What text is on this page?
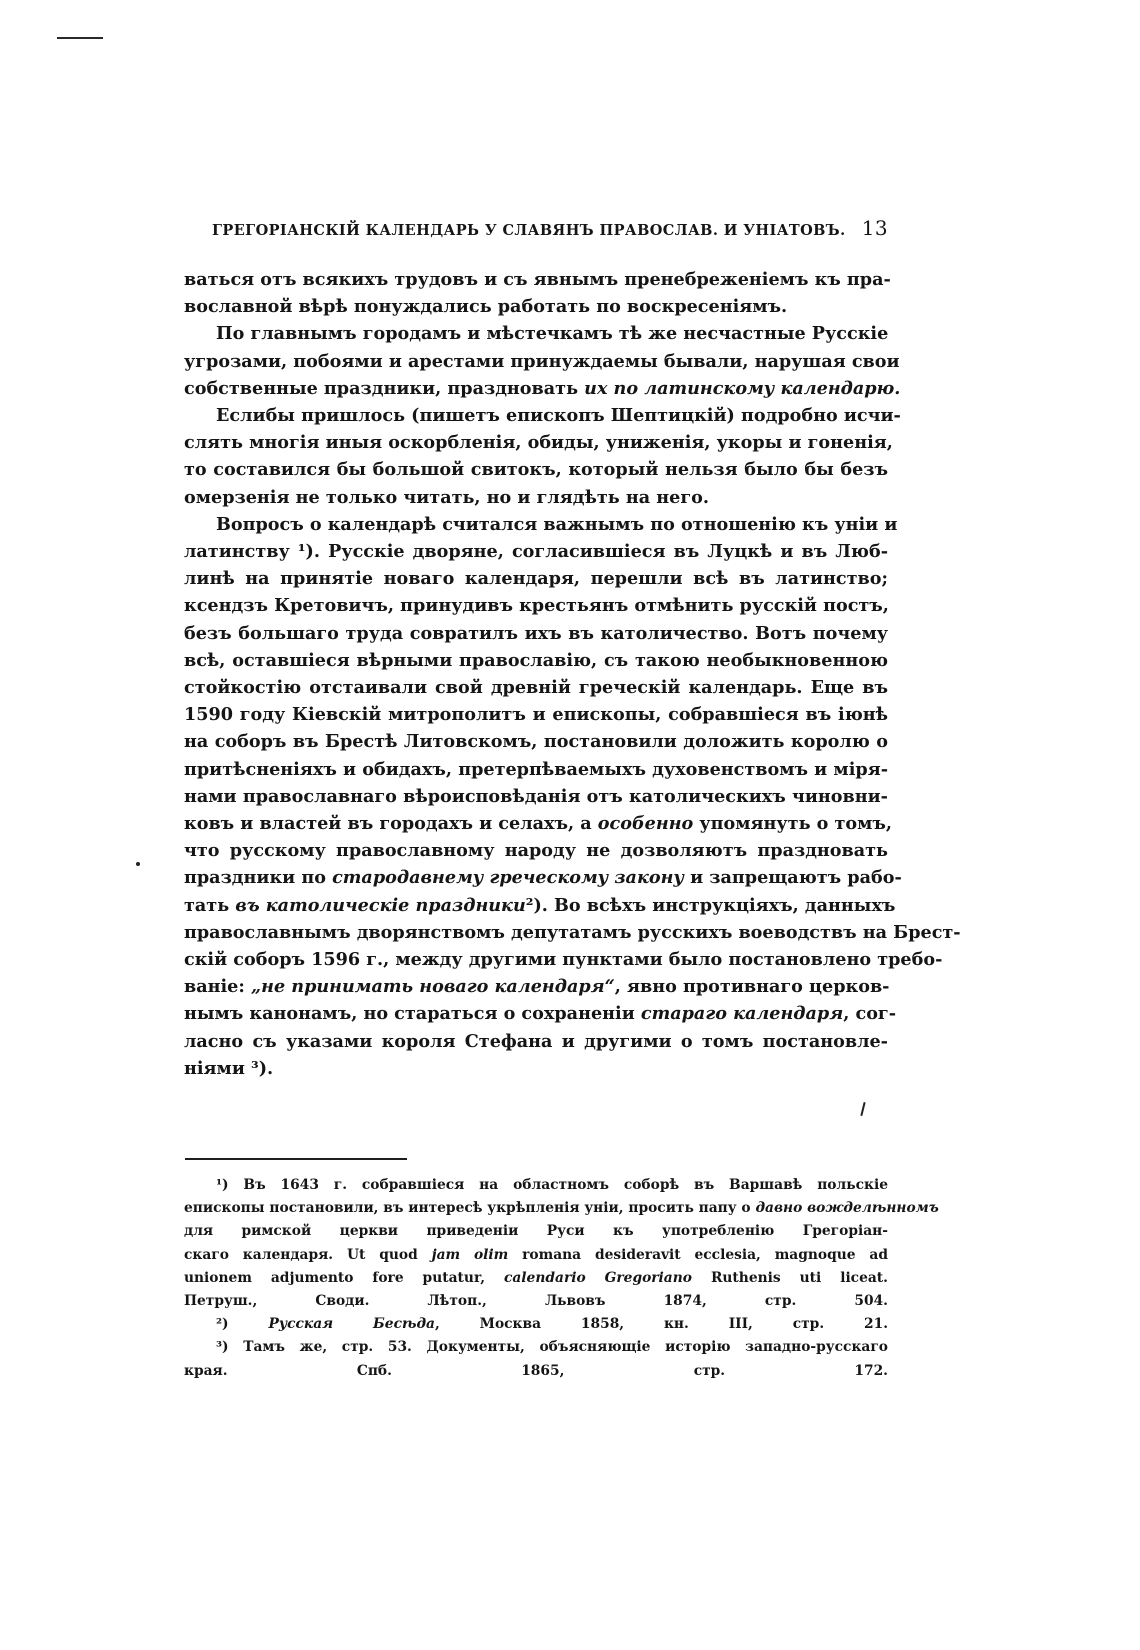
ГРЕГОРІАНСКІЙ КАЛЕНДАРЬ У СЛАВЯНЪ ПРАВОСЛАВ. И УНІАТОВЪ. 13
ваться отъ всякихъ трудовъ и съ явнымъ пренебреженіемъ къ пра-
вославной вѣрѣ понуждались работать по воскресеніямъ.
По главнымъ городамъ и мѣстечкамъ тѣ же несчастные Русскіе
угрозами, побоями и арестами принуждаемы бывали, нарушая свои
собственные праздники, праздновать их по латинскому календарю.
Еслибы пришлось (пишетъ епископъ Шептицкій) подробно исчи-
слять многія иныя оскорбленія, обиды, униженія, укоры и гоненія,
то составился бы большой свитокъ, который нельзя было бы безъ
омерзенія не только читать, но и глядѣть на него.
Вопросъ о календарѣ считался важнымъ по отношенію къ уніи и
латинству ¹). Русскіе дворяне, согласившіеся въ Луцкѣ и въ Люб-
линѣ на принятіе новаго календаря, перешли всѣ въ латинство;
ксендзъ Кретовичъ, принудивъ крестьянъ отмѣнить русскій постъ,
безъ большаго труда совратилъ ихъ въ католичество. Вотъ почему
всѣ, оставшіеся вѣрными православію, съ такою необыкновенною
стойкостію отстаивали свой древній греческій календарь. Еще въ
1590 году Кіевскій митрополитъ и епископы, собравшіеся въ іюнѣ
на соборъ въ Брестѣ Литовскомъ, постановили доложить королю о
притѣсненіяхъ и обидахъ, претерпѣваемыхъ духовенствомъ и міря-
нами православнаго вѣроисповѣданія отъ католическихъ чиновни-
ковъ и властей въ городахъ и селахъ, а особенно упомянуть о томъ,
что русскому православному народу не дозволяютъ праздновать
праздники по стародавнему греческому закону и запрещаютъ рабо-
тать въ католическіе праздники²). Во всѣхъ инструкціяхъ, данныхъ
православнымъ дворянствомъ депутатамъ русскихъ воеводствъ на Брест-
скій соборъ 1596 г., между другими пунктами было постановлено требо-
ваніе: „не принимать новаго календаря“, явно противнаго церков-
нымъ канонамъ, но стараться о сохраненіи стараго календаря, сог-
ласно съ указами короля Стефана и другими о томъ постановле-
ніями ³).
¹) Въ 1643 г. собравшіеся на областномъ соборѣ въ Варшавѣ польскіе
епископы постановили, въ интересѣ укрѣпленія уніи, просить папу о давно вожделѣнномъ
для римской церкви приведеніи Руси къ употребленію Грегоріан-
скаго календаря. Ut quod jam olim romana desideravit ecclesia, magnoque ad
unionem adjumento fore putatur, calendario Gregoriano Ruthenis uti liceat.
Петруш., Своди. Лѣтоп., Львовъ 1874, стр. 504.
²)	Русская Бесѣда, Москва 1858, кн. III, стр. 21.
³) Тамъ же, стр. 53. Документы, объясняющіе исторію западно-русскаго
края. Спб. 1865, стр. 172.
